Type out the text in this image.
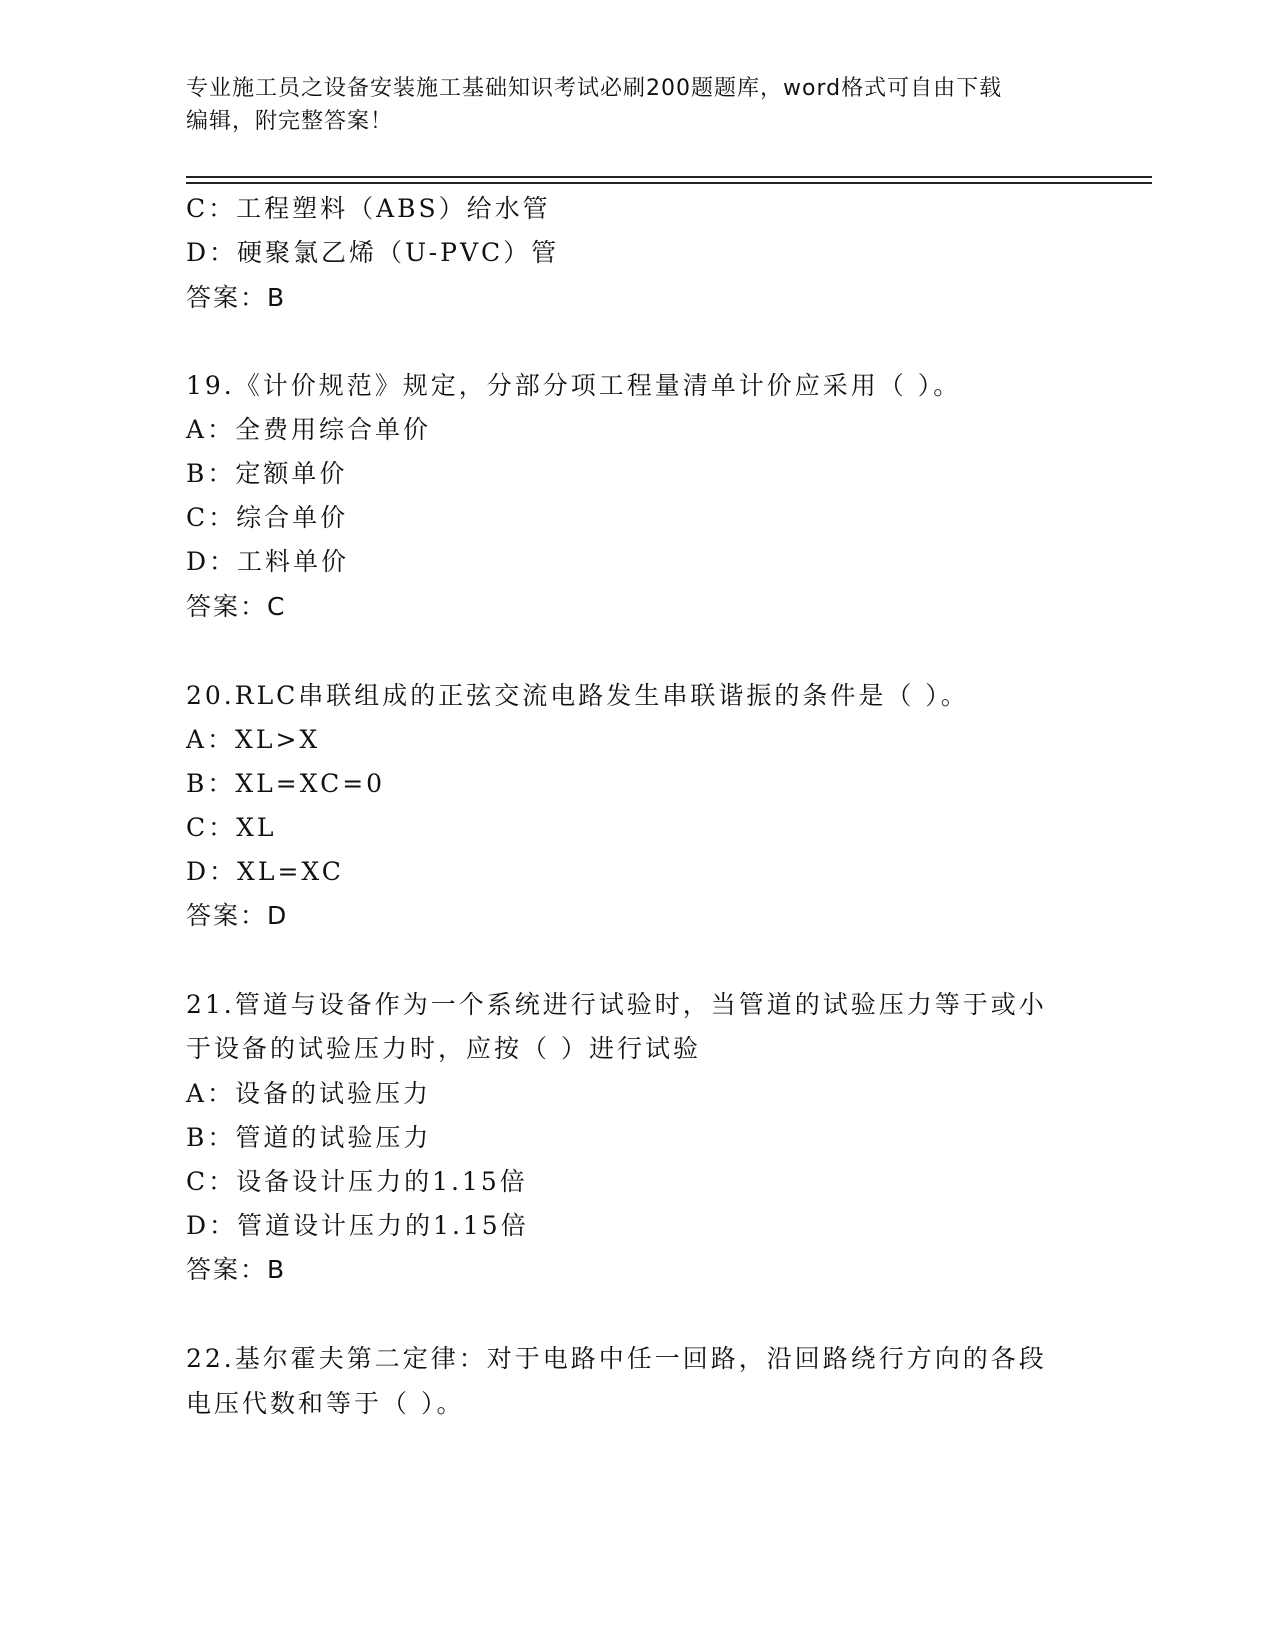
专业施工员之设备安装施工基础知识考试必刷200题题库，word格式可自由下载
编辑，附完整答案！
C：工程塑料（ABS）给水管
D：硬聚氯乙烯（U-PVC）管
答案：B
19.《计价规范》规定，分部分项工程量清单计价应采用（ ）。
A：全费用综合单价
B：定额单价
C：综合单价
D：工料单价
答案：C
20.RLC串联组成的正弦交流电路发生串联谐振的条件是（ ）。
A：XL>X
B：XL=XC=0
C：XL
D：XL=XC
答案：D
21.管道与设备作为一个系统进行试验时，当管道的试验压力等于或小
于设备的试验压力时，应按（ ）进行试验
A：设备的试验压力
B：管道的试验压力
C：设备设计压力的1.15倍
D：管道设计压力的1.15倍
答案：B
22.基尔霍夫第二定律：对于电路中任一回路，沿回路绕行方向的各段
电压代数和等于（ ）。
